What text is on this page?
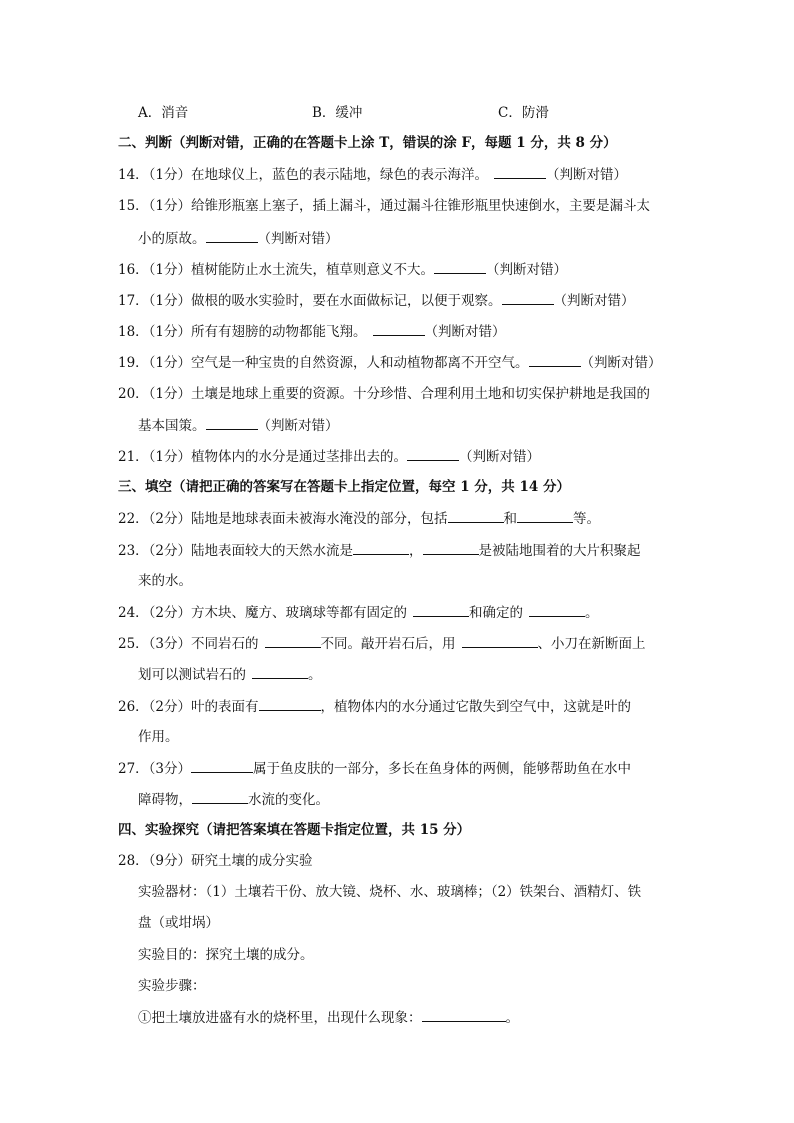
A．消音	B．缓冲	C．防滑
二、判断（判断对错，正确的在答题卡上涂 T，错误的涂 F，每题 1 分，共 8 分）
14．（1分）在地球仪上，蓝色的表示陆地，绿色的表示海洋。	（判断对错）
15．（1分）给锥形瓶塞上塞子，插上漏斗，通过漏斗往锥形瓶里快速倒水，主要是漏斗太
小的原故。	（判断对错）
16．（1分）植树能防止水土流失，植草则意义不大。	（判断对错）
17．（1分）做根的吸水实验时，要在水面做标记，以便于观察。	（判断对错）
18．（1分）所有有翅膀的动物都能飞翔。	（判断对错）
19．（1分）空气是一种宝贵的自然资源，人和动植物都离不开空气。	（判断对错）
20．（1分）土壤是地球上重要的资源。十分珍惜、合理利用土地和切实保护耕地是我国的
基本国策。	（判断对错）
21．（1分）植物体内的水分是通过茎排出去的。	（判断对错）
三、填空（请把正确的答案写在答题卡上指定位置，每空 1 分，共 14 分）
22．（2分）陆地是地球表面未被海水淹没的部分，包括	和	等。
23．（2分）陆地表面较大的天然水流是	，	是被陆地围着的大片积聚起
来的水。
24．（2分）方木块、魔方、玻璃球等都有固定的	和确定的	。
25．（3分）不同岩石的	不同。敲开岩石后，用	、小刀在新断面上
划可以测试岩石的	。
26．（2分）叶的表面有	，植物体内的水分通过它散失到空气中，这就是叶的
作用。
27．（3分）	属于鱼皮肤的一部分，多长在鱼身体的两侧，能够帮助鱼在水中
障碍物，	水流的变化。
四、实验探究（请把答案填在答题卡指定位置，共 15 分）
28．（9分）研究土壤的成分实验
实验器材：（1）土壤若干份、放大镜、烧杯、水、玻璃棒；（2）铁架台、酒精灯、铁
盘（或坩埚）
实验目的：探究土壤的成分。
实验步骤：
①把土壤放进盛有水的烧杯里，出现什么现象：	。
